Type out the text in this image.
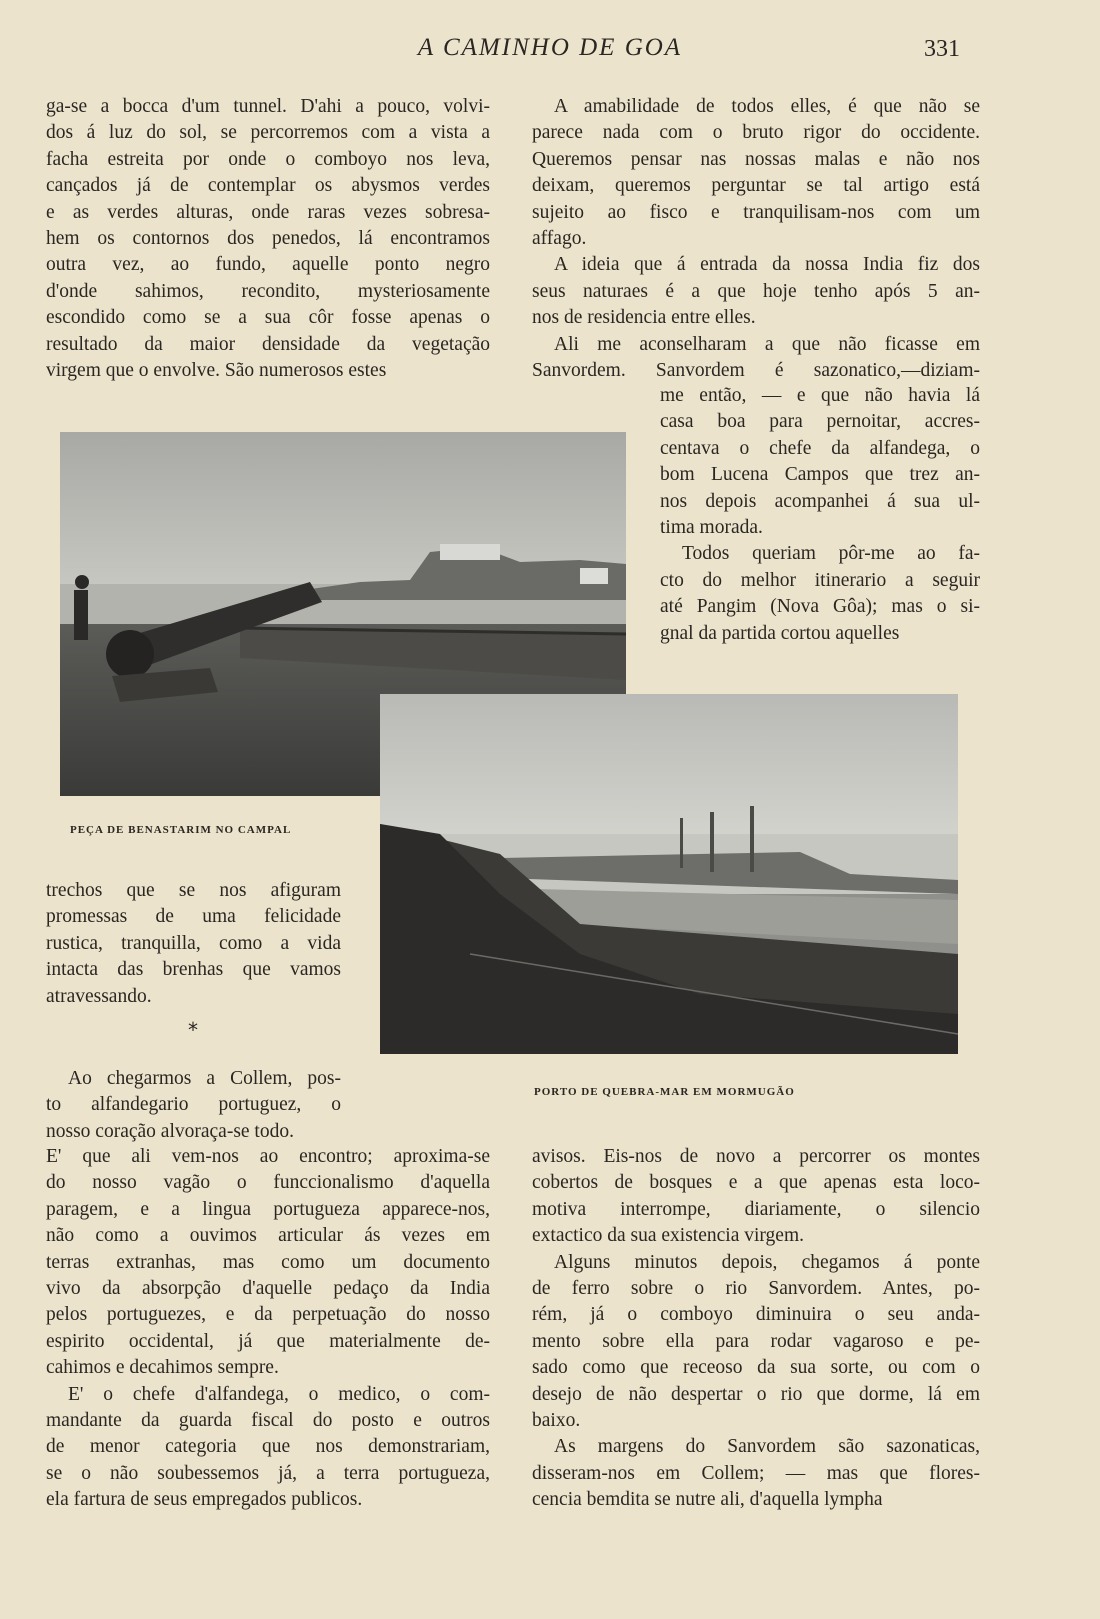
A CAMINHO DE GOA	331
ga-se a bocca d'um tunnel. D'ahi a pouco, volvi-
dos á luz do sol, se percorremos com a vista a
facha estreita por onde o comboyo nos leva,
cançados já de contemplar os abysmos verdes
e as verdes alturas, onde raras vezes sobresa-
hem os contornos dos penedos, lá encontramos
outra vez, ao fundo, aquelle ponto negro
d'onde sahimos, recondito, mysteriosamente
escondido como se a sua côr fosse apenas o
resultado da maior densidade da vegetação
virgem que o envolve. São numerosos estes
A amabilidade de todos elles, é que não se
parece nada com o bruto rigor do occidente.
Queremos pensar nas nossas malas e não nos
deixam, queremos perguntar se tal artigo está
sujeito ao fisco e tranquilisam-nos com um
affago.
A ideia que á entrada da nossa India fiz dos
seus naturaes é a que hoje tenho após 5 an-
nos de residencia entre elles.
Ali me aconselharam a que não ficasse em
Sanvordem. Sanvordem é sazonatico,—diziam-
me então, — e que não havia lá
casa boa para pernoitar, accres-
centava o chefe da alfandega, o
bom Lucena Campos que trez an-
nos depois acompanhei á sua ul-
tima morada.
Todos queriam pôr-me ao fa-
cto do melhor itinerario a seguir
até Pangim (Nova Gôa); mas o si-
gnal da partida cortou aquelles
PEÇA DE BENASTARIM NO CAMPAL
PORTO DE QUEBRA-MAR EM MORMUGÃO
trechos que se nos afiguram
promessas de uma felicidade
rustica, tranquilla, como a vida
intacta das brenhas que vamos
atravessando.
*
Ao chegarmos a Collem, pos-
to alfandegario portuguez, o
nosso coração alvoraça-se todo.
E' que ali vem-nos ao encontro; aproxima-se
do nosso vagão o funccionalismo d'aquella
paragem, e a lingua portugueza apparece-nos,
não como a ouvimos articular ás vezes em
terras extranhas, mas como um documento
vivo da absorpção d'aquelle pedaço da India
pelos portuguezes, e da perpetuação do nosso
espirito occidental, já que materialmente de-
cahimos e decahimos sempre.
E' o chefe d'alfandega, o medico, o com-
mandante da guarda fiscal do posto e outros
de menor categoria que nos demonstrariam,
se o não soubessemos já, a terra portugueza,
ela fartura de seus empregados publicos.
avisos. Eis-nos de novo a percorrer os montes
cobertos de bosques e a que apenas esta loco-
motiva interrompe, diariamente, o silencio
extactico da sua existencia virgem.
Alguns minutos depois, chegamos á ponte
de ferro sobre o rio Sanvordem. Antes, po-
rém, já o comboyo diminuira o seu anda-
mento sobre ella para rodar vagaroso e pe-
sado como que receoso da sua sorte, ou com o
desejo de não despertar o rio que dorme, lá em
baixo.
As margens do Sanvordem são sazonaticas,
disseram-nos em Collem; — mas que flores-
cencia bemdita se nutre ali, d'aquella lympha
